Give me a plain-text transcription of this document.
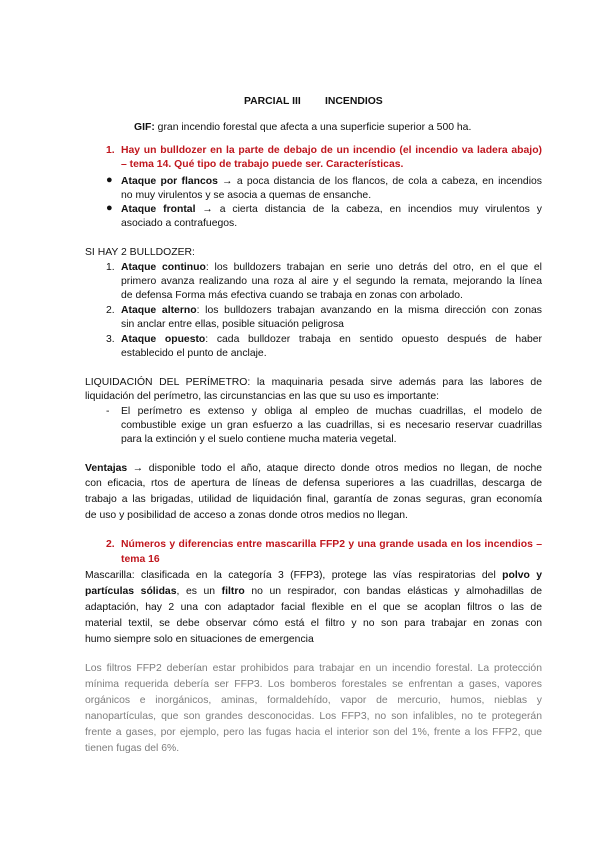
PARCIAL III INCENDIOS
GIF: gran incendio forestal que afecta a una superficie superior a 500 ha.
1. Hay un bulldozer en la parte de debajo de un incendio (el incendio va ladera abajo)
– tema 14. Qué tipo de trabajo puede ser. Características.
● Ataque por flancos → a poca distancia de los flancos, de cola a cabeza, en incendios
no muy virulentos y se asocia a quemas de ensanche.
● Ataque frontal → a cierta distancia de la cabeza, en incendios muy virulentos y
asociado a contrafuegos.
SI HAY 2 BULLDOZER:
1. Ataque continuo: los bulldozers trabajan en serie uno detrás del otro, en el que el
primero avanza realizando una roza al aire y el segundo la remata, mejorando la línea
de defensa Forma más efectiva cuando se trabaja en zonas con arbolado.
2. Ataque alterno: los bulldozers trabajan avanzando en la misma dirección con zonas
sin anclar entre ellas, posible situación peligrosa
3. Ataque opuesto: cada bulldozer trabaja en sentido opuesto después de haber
establecido el punto de anclaje.
LIQUIDACIÓN DEL PERÍMETRO: la maquinaria pesada sirve además para las labores de
liquidación del perímetro, las circunstancias en las que su uso es importante:
- El perímetro es extenso y obliga al empleo de muchas cuadrillas, el modelo de
combustible exige un gran esfuerzo a las cuadrillas, si es necesario reservar cuadrillas
para la extinción y el suelo contiene mucha materia vegetal.
Ventajas → disponible todo el año, ataque directo donde otros medios no llegan, de noche
con eficacia, rtos de apertura de líneas de defensa superiores a las cuadrillas, descarga de
trabajo a las brigadas, utilidad de liquidación final, garantía de zonas seguras, gran economía
de uso y posibilidad de acceso a zonas donde otros medios no llegan.
2. Números y diferencias entre mascarilla FFP2 y una grande usada en los incendios –
tema 16
Mascarilla: clasificada en la categoría 3 (FFP3), protege las vías respiratorias del polvo y
partículas sólidas, es un filtro no un respirador, con bandas elásticas y almohadillas de
adaptación, hay 2 una con adaptador facial flexible en el que se acoplan filtros o las de
material textil, se debe observar cómo está el filtro y no son para trabajar en zonas con
humo siempre solo en situaciones de emergencia
Los filtros FFP2 deberían estar prohibidos para trabajar en un incendio forestal. La protección
mínima requerida debería ser FFP3. Los bomberos forestales se enfrentan a gases, vapores
orgánicos e inorgánicos, aminas, formaldehído, vapor de mercurio, humos, nieblas y
nanopartículas, que son grandes desconocidas. Los FFP3, no son infalibles, no te protegerán
frente a gases, por ejemplo, pero las fugas hacia el interior son del 1%, frente a los FFP2, que
tienen fugas del 6%.
